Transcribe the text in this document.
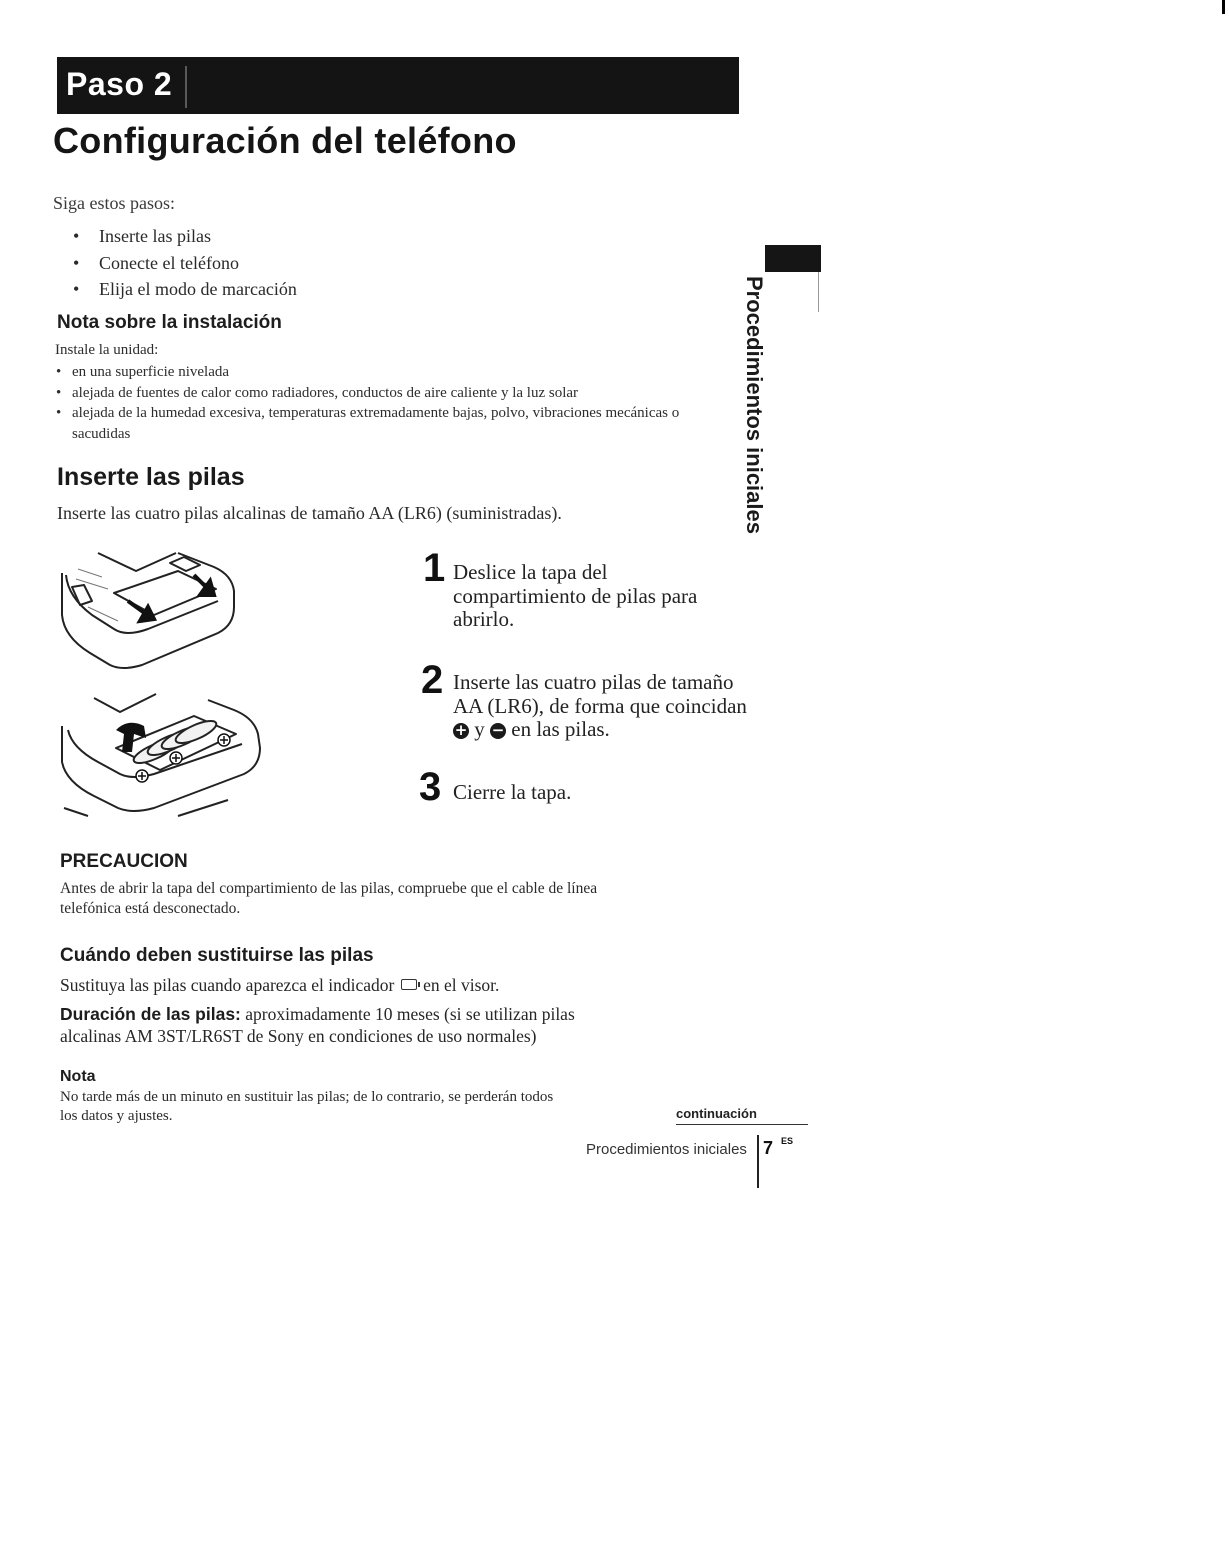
Paso 2
Configuración del teléfono
Siga estos pasos:
• Inserte las pilas
• Conecte el teléfono
• Elija el modo de marcación
Nota sobre la instalación
Instale la unidad:
• en una superficie nivelada
• alejada de fuentes de calor como radiadores, conductos de aire caliente y la luz solar
• alejada de la humedad excesiva, temperaturas extremadamente bajas, polvo, vibraciones mecánicas o sacudidas
Inserte las pilas
Inserte las cuatro pilas alcalinas de tamaño AA (LR6) (suministradas).
1 Deslice la tapa del compartimiento de pilas para abrirlo.
2 Inserte las cuatro pilas de tamaño AA (LR6), de forma que coincidan + y − en las pilas.
3 Cierre la tapa.
PRECAUCION
Antes de abrir la tapa del compartimiento de las pilas, compruebe que el cable de línea telefónica está desconectado.
Cuándo deben sustituirse las pilas
Sustituya las pilas cuando aparezca el indicador en el visor.
Duración de las pilas: aproximadamente 10 meses (si se utilizan pilas alcalinas AM 3ST/LR6ST de Sony en condiciones de uso normales)
Nota
No tarde más de un minuto en sustituir las pilas; de lo contrario, se perderán todos los datos y ajustes.	continuación
Procedimientos iniciales 7 ES
Procedimientos iniciales
